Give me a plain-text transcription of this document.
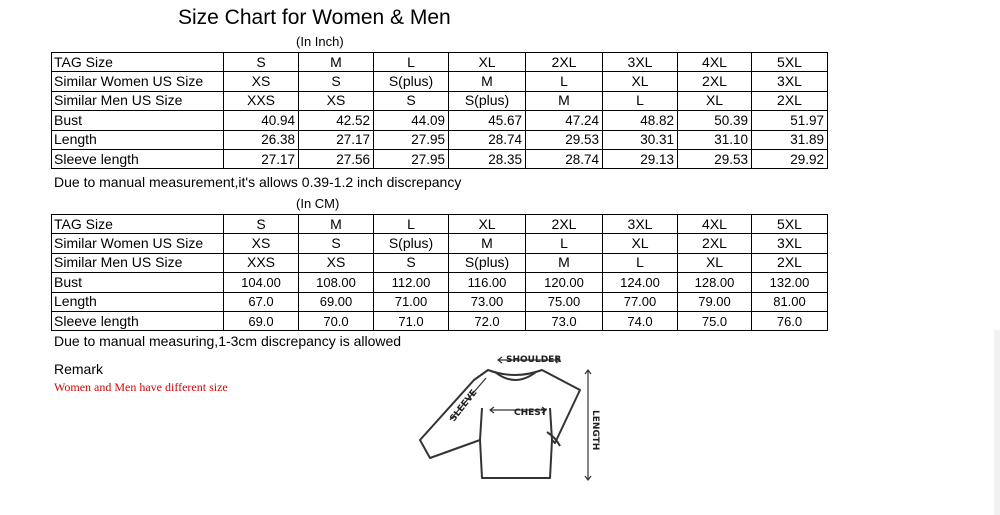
Size Chart for Women & Men
(In Inch)
TAG Size	S	M	L	XL	2XL	3XL	4XL	5XL
Similar Women US Size	XS	S	S(plus)	M	L	XL	2XL	3XL
Similar Men US Size	XXS	XS	S	S(plus)	M	L	XL	2XL
Bust	40.94	42.52	44.09	45.67	47.24	48.82	50.39	51.97
Length	26.38	27.17	27.95	28.74	29.53	30.31	31.10	31.89
Sleeve length	27.17	27.56	27.95	28.35	28.74	29.13	29.53	29.92
Due to manual measurement,it's allows 0.39-1.2 inch discrepancy
(In CM)
TAG Size	S	M	L	XL	2XL	3XL	4XL	5XL
Similar Women US Size	XS	S	S(plus)	M	L	XL	2XL	3XL
Similar Men US Size	XXS	XS	S	S(plus)	M	L	XL	2XL
Bust	104.00	108.00	112.00	116.00	120.00	124.00	128.00	132.00
Length	67.0	69.00	71.00	73.00	75.00	77.00	79.00	81.00
Sleeve length	69.0	70.0	71.0	72.0	73.0	74.0	75.0	76.0
Due to manual measuring,1-3cm discrepancy is allowed
Remark
Women and Men have different size
SHOULDER
LENGTH
CHEST
SLEEVE
